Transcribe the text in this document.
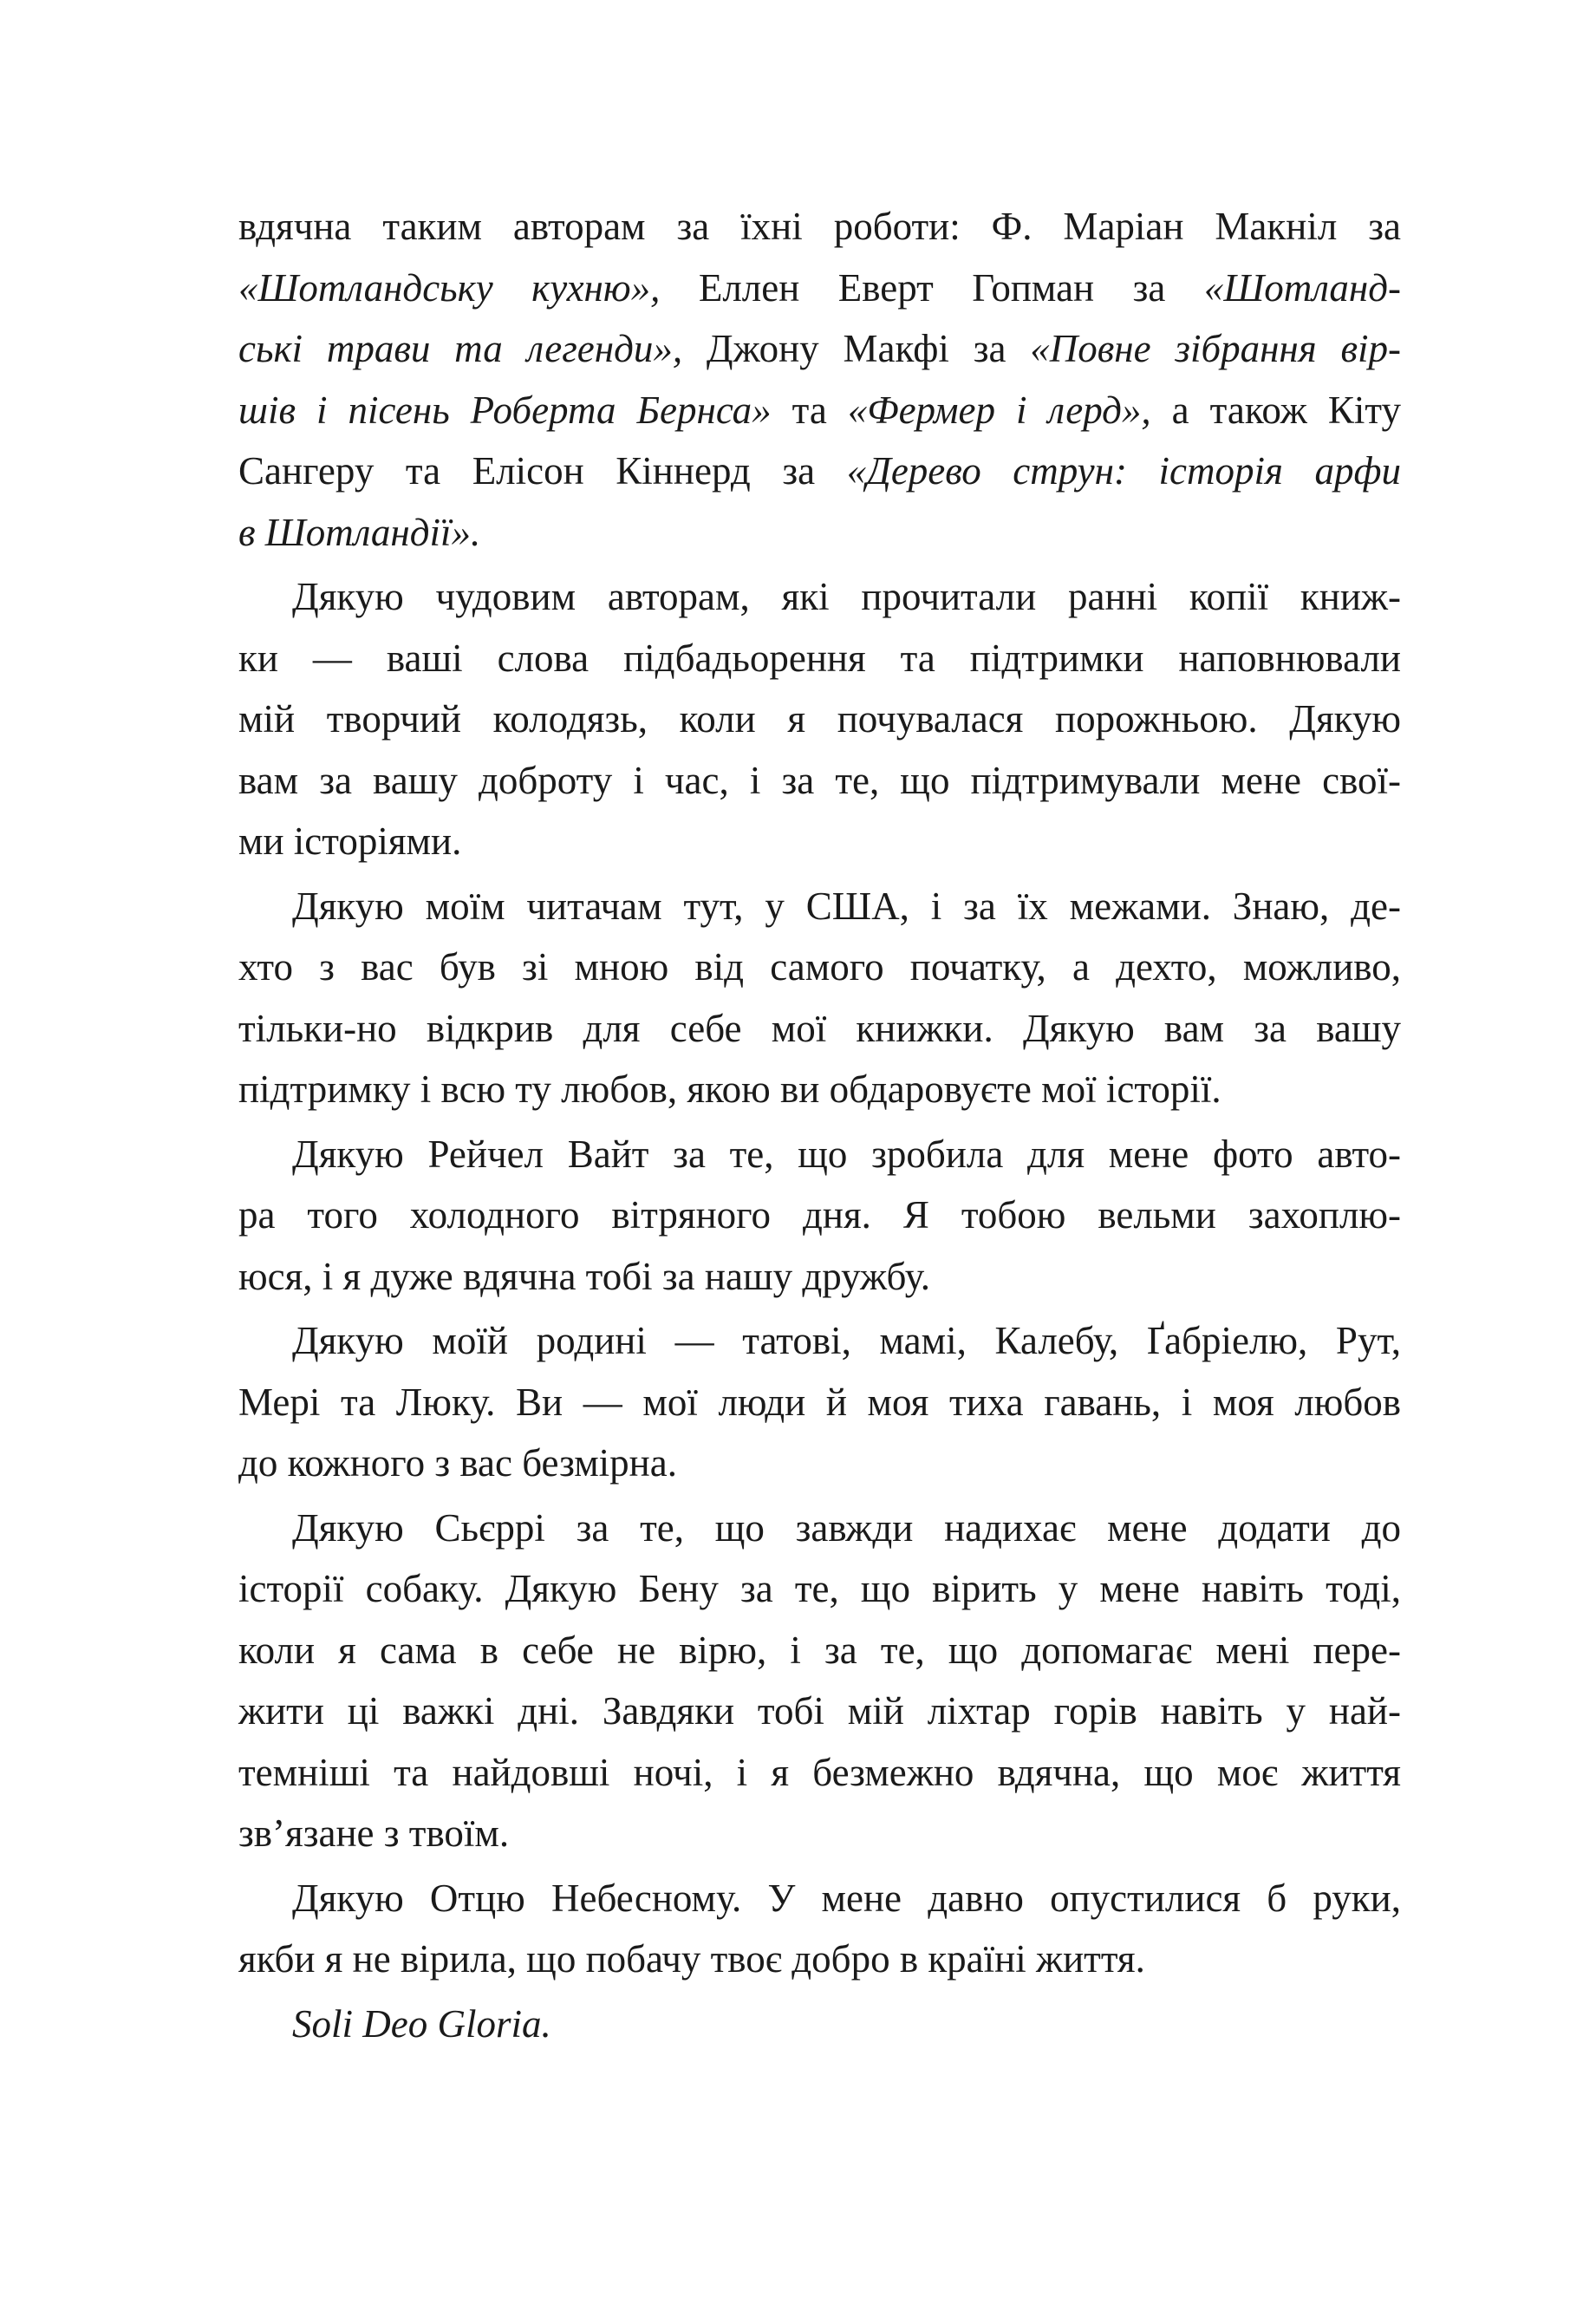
вдячна таким авторам за їхні роботи: Ф. Маріан Макніл за
«Шотландську кухню», Еллен Еверт Гопман за «Шотланд-
ські трави та легенди», Джону Макфі за «Повне зібрання вір-
шів і пісень Роберта Бернса» та «Фермер і лерд», а також Кіту
Сангеру та Елісон Кіннерд за «Дерево струн: історія арфи
в Шотландії».

Дякую чудовим авторам, які прочитали ранні копії книж-
ки — ваші слова підбадьорення та підтримки наповнювали
мій творчий колодязь, коли я почувалася порожньою. Дякую
вам за вашу доброту і час, і за те, що підтримували мене свої-
ми історіями.

Дякую моїм читачам тут, у США, і за їх межами. Знаю, де-
хто з вас був зі мною від самого початку, а дехто, можливо,
тільки-но відкрив для себе мої книжки. Дякую вам за вашу
підтримку і всю ту любов, якою ви обдаровуєте мої історії.

Дякую Рейчел Вайт за те, що зробила для мене фото авто-
ра того холодного вітряного дня. Я тобою вельми захоплю-
юся, і я дуже вдячна тобі за нашу дружбу.

Дякую моїй родині — татові, мамі, Калебу, Ґабріелю, Рут,
Мері та Люку. Ви — мої люди й моя тиха гавань, і моя любов
до кожного з вас безмірна.

Дякую Сьєррі за те, що завжди надихає мене додати до
історії собаку. Дякую Бену за те, що вірить у мене навіть тоді,
коли я сама в себе не вірю, і за те, що допомагає мені пере-
жити ці важкі дні. Завдяки тобі мій ліхтар горів навіть у най-
темніші та найдовші ночі, і я безмежно вдячна, що моє життя
зв’язане з твоїм.

Дякую Отцю Небесному. У мене давно опустилися б руки,
якби я не вірила, що побачу твоє добро в країні життя.

Soli Deo Gloria.
